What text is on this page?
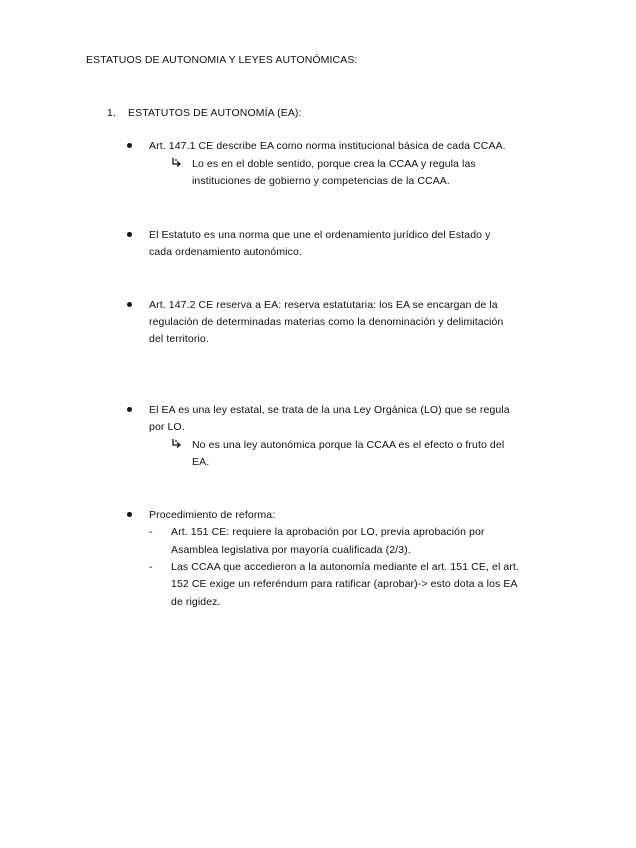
ESTATUOS DE AUTONOMIA Y LEYES AUTONÓMICAS:
1. ESTATUTOS DE AUTONOMÍA (EA):
Art. 147.1 CE describe EA como norma institucional básica de cada CCAA.
Lo es en el doble sentido, porque crea la CCAA y regula las
instituciones de gobierno y competencias de la CCAA.
El Estatuto es una norma que une el ordenamiento jurídico del Estado y
cada ordenamiento autonómico.
Art. 147.2 CE reserva a EA: reserva estatutaria: los EA se encargan de la
regulación de determinadas materias como la denominación y delimitación
del territorio.
El EA es una ley estatal, se trata de la una Ley Orgánica (LO) que se regula
por LO.
No es una ley autonómica porque la CCAA es el efecto o fruto del
EA.
Procedimiento de reforma:
- Art. 151 CE: requiere la aprobación por LO, previa aprobación por
Asamblea legislativa por mayoría cualificada (2/3).
- Las CCAA que accedieron a la autonomía mediante el art. 151 CE, el art.
152 CE exige un referéndum para ratificar (aprobar)-> esto dota a los EA
de rigidez.
